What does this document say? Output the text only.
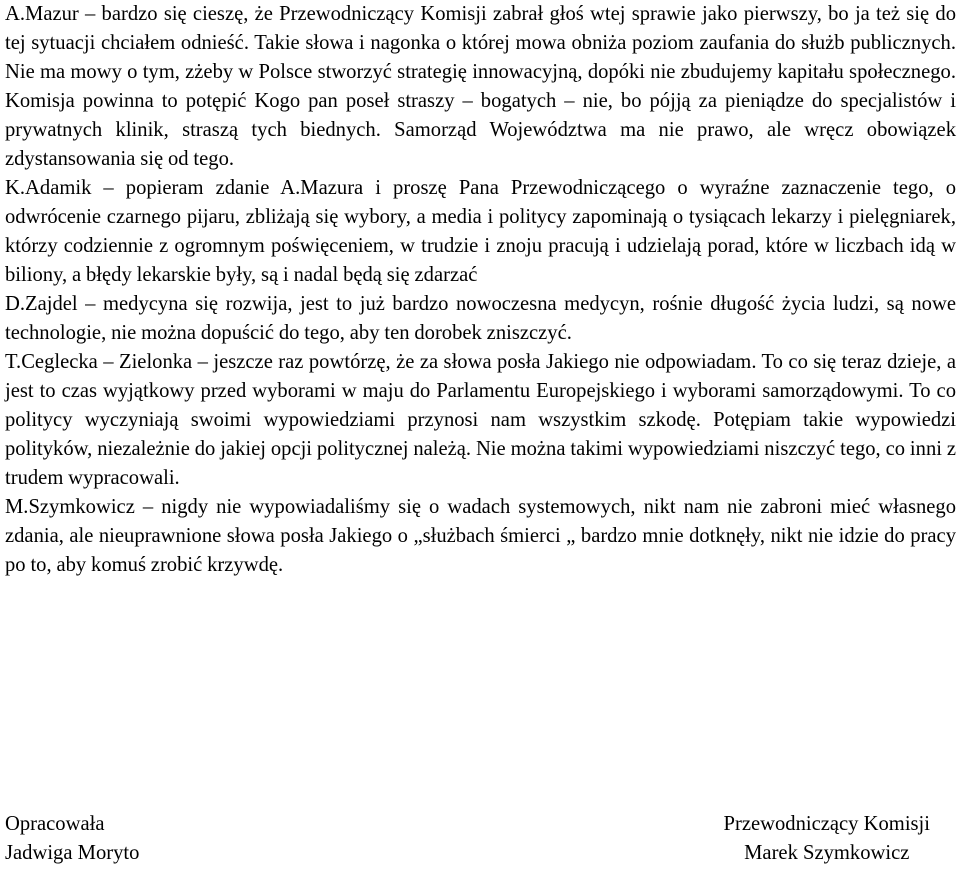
A.Mazur – bardzo się cieszę, że Przewodniczący Komisji zabrał głoś wtej sprawie jako pierwszy, bo ja też się do tej sytuacji chciałem odnieść. Takie słowa i nagonka o której mowa obniża poziom zaufania do służb publicznych. Nie ma mowy o tym, zżeby w Polsce stworzyć strategię innowacyjną, dopóki nie zbudujemy kapitału społecznego. Komisja powinna to potępić Kogo pan poseł straszy – bogatych – nie, bo pójją za pieniądze do specjalistów i prywatnych klinik, straszą tych biednych. Samorząd Województwa ma nie prawo, ale wręcz obowiązek zdystansowania się od tego.

K.Adamik – popieram zdanie A.Mazura i proszę Pana Przewodniczącego o wyraźne zaznaczenie tego, o odwrócenie czarnego pijaru, zbliżają się wybory, a media i politycy zapominają o tysiącach lekarzy i pielęgniarek, którzy codziennie z ogromnym poświęceniem, w trudzie i znoju pracują i udzielają porad, które w liczbach idą w biliony, a błędy lekarskie były, są i nadal będą się zdarzać

D.Zajdel – medycyna się rozwija, jest to już bardzo nowoczesna medycyn, rośnie długość życia ludzi, są nowe technologie, nie można dopuścić do tego, aby ten dorobek zniszczyć.

T.Ceglecka – Zielonka – jeszcze raz powtórzę, że za słowa posła Jakiego nie odpowiadam. To co się teraz dzieje, a jest to czas wyjątkowy przed wyborami w maju do Parlamentu Europejskiego i wyborami samorządowymi. To co politycy wyczyniają swoimi wypowiedziami przynosi nam wszystkim szkodę. Potępiam takie wypowiedzi polityków, niezależnie do jakiej opcji politycznej należą. Nie można takimi wypowiedziami niszczyć tego, co inni z trudem wypracowali.

M.Szymkowicz – nigdy nie wypowiadaliśmy się o wadach systemowych, nikt nam nie zabroni mieć własnego zdania, ale nieuprawnione słowa posła Jakiego o „służbach śmierci „ bardzo mnie dotknęły, nikt nie idzie do pracy po to, aby komuś zrobić krzywdę.

Opracowała
Jadwiga Moryto
Przewodniczący Komisji
Marek Szymkowicz
